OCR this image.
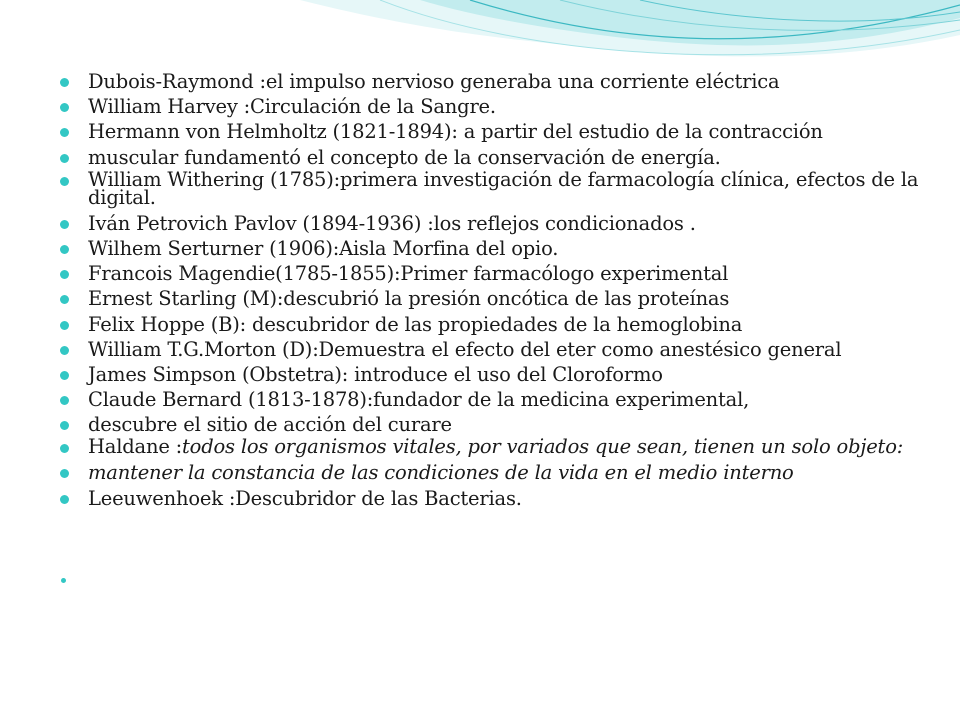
Dubois-Raymond :el impulso nervioso generaba una corriente eléctrica
William Harvey :Circulación de la Sangre.
Hermann von Helmholtz (1821-1894): a partir del estudio de la contracción
muscular fundamentó el concepto de la conservación de energía.
William Withering (1785):primera investigación de farmacología clínica, efectos de la digital.
Iván Petrovich Pavlov (1894-1936) :los reflejos condicionados .
Wilhem Serturner (1906):Aisla Morfina del opio.
Francois Magendie(1785-1855):Primer farmacólogo experimental
Ernest Starling (M):descubrió la presión oncótica de las proteínas
Felix Hoppe (B): descubridor de las propiedades de la hemoglobina
William T.G.Morton (D):Demuestra el efecto del eter como anestésico general
James Simpson (Obstetra): introduce el uso del Cloroformo
Claude Bernard (1813-1878):fundador de la medicina experimental,
descubre el sitio de acción del curare
Haldane :todos los organismos vitales, por variados que sean, tienen un solo objeto:
mantener la constancia de las condiciones de la vida en el medio interno
Leeuwenhoek :Descubridor de las Bacterias.
